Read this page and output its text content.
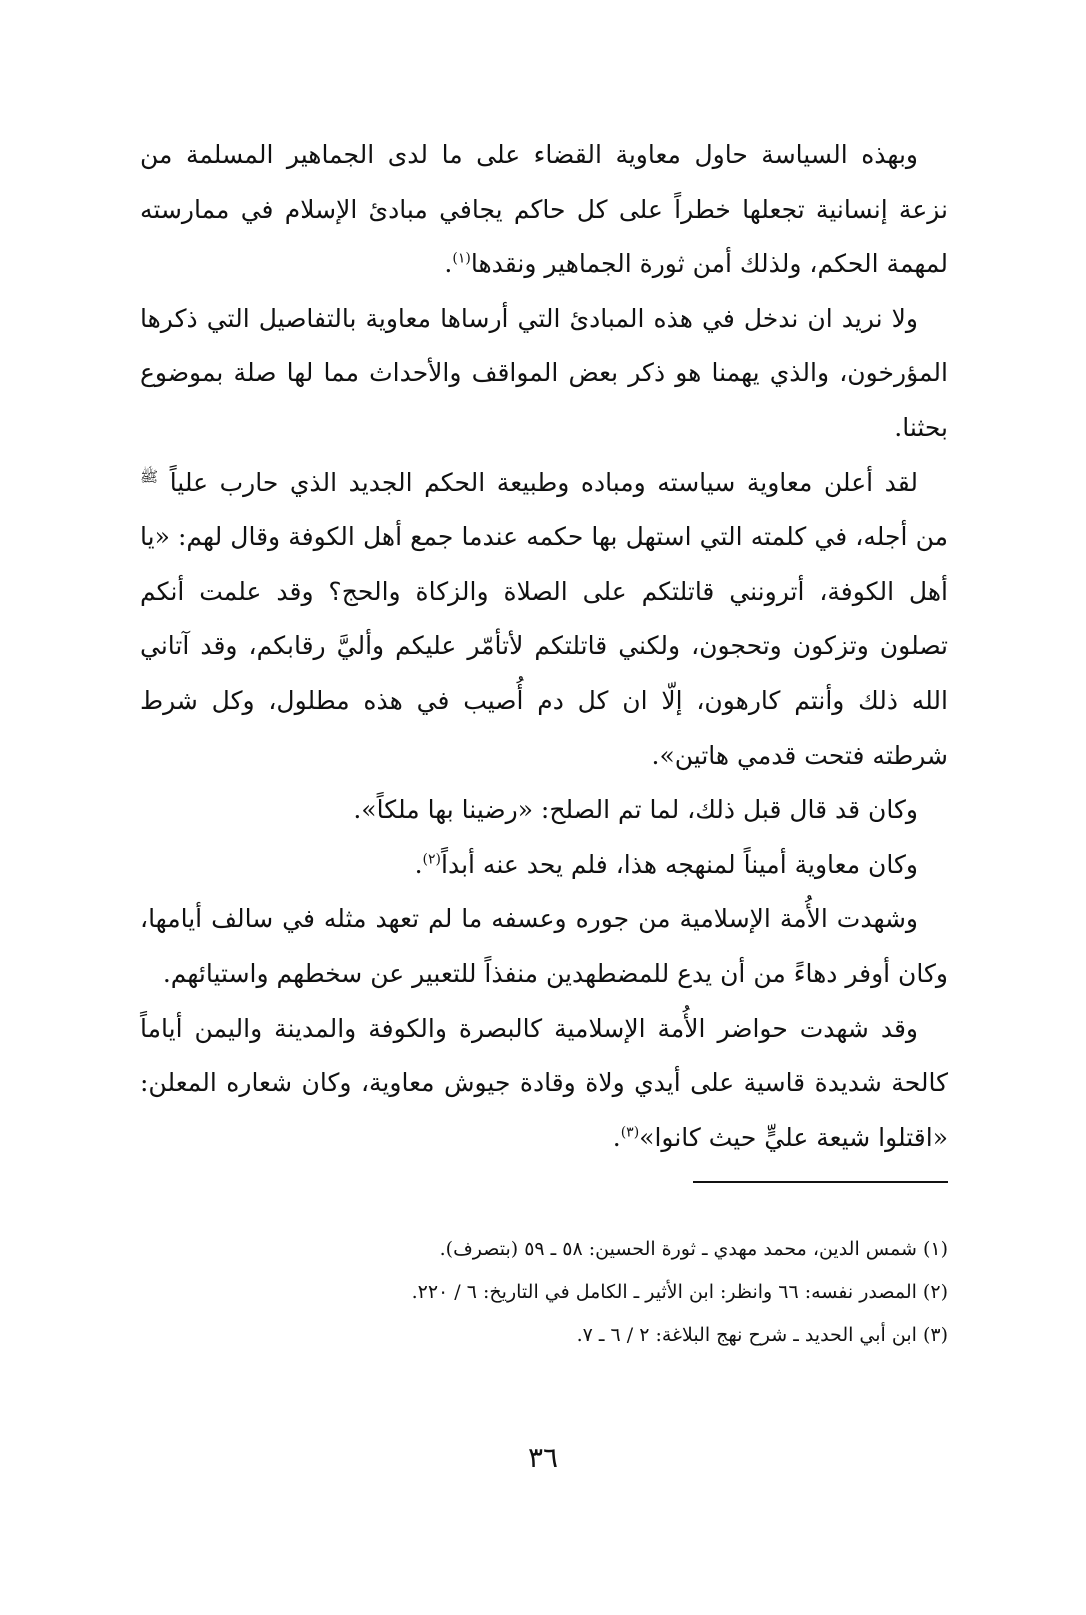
وبهذه السياسة حاول معاوية القضاء على ما لدى الجماهير المسلمة من نزعة إنسانية تجعلها خطراً على كل حاكم يجافي مبادئ الإسلام في ممارسته لمهمة الحكم، ولذلك أمن ثورة الجماهير ونقدها$^{(١)}$.

ولا نريد ان ندخل في هذه المبادئ التي أرساها معاوية بالتفاصيل التي ذكرها المؤرخون، والذي يهمنا هو ذكر بعض المواقف والأحداث مما لها صلة بموضوع بحثنا.

لقد أعلن معاوية سياسته ومباده وطبيعة الحكم الجديد الذي حارب علياً $^ﷺ$ من أجله، في كلمته التي استهل بها حكمه عندما جمع أهل الكوفة وقال لهم: «يا أهل الكوفة، أترونني قاتلتكم على الصلاة والزكاة والحج؟ وقد علمت أنكم تصلون وتزكون وتحجون، ولكني قاتلتكم لأتأمّر عليكم وأليَّ رقابكم، وقد آتاني الله ذلك وأنتم كارهون، إلّا ان كل دم أُصيب في هذه مطلول، وكل شرط شرطته فتحت قدمي هاتين».

وكان قد قال قبل ذلك، لما تم الصلح: «رضينا بها ملكاً».

وكان معاوية أميناً لمنهجه هذا، فلم يحد عنه أبداً$^{(٢)}$.

وشهدت الأُمة الإسلامية من جوره وعسفه ما لم تعهد مثله في سالف أيامها، وكان أوفر دهاءً من أن يدع للمضطهدين منفذاً للتعبير عن سخطهم واستيائهم.

وقد شهدت حواضر الأُمة الإسلامية كالبصرة والكوفة والمدينة واليمن أياماً كالحة شديدة قاسية على أيدي ولاة وقادة جيوش معاوية، وكان شعاره المعلن: «اقتلوا شيعة عليٍّ حيث كانوا»$^{(٣)}$.

(١) شمس الدين، محمد مهدي ـ ثورة الحسين: ٥٨ ـ ٥٩ (بتصرف).

(٢) المصدر نفسه: ٦٦ وانظر: ابن الأثير ـ الكامل في التاريخ: ٦ / ٢٢٠.

(٣) ابن أبي الحديد ـ شرح نهج البلاغة: ٢ / ٦ ـ ٧.

٣٦
